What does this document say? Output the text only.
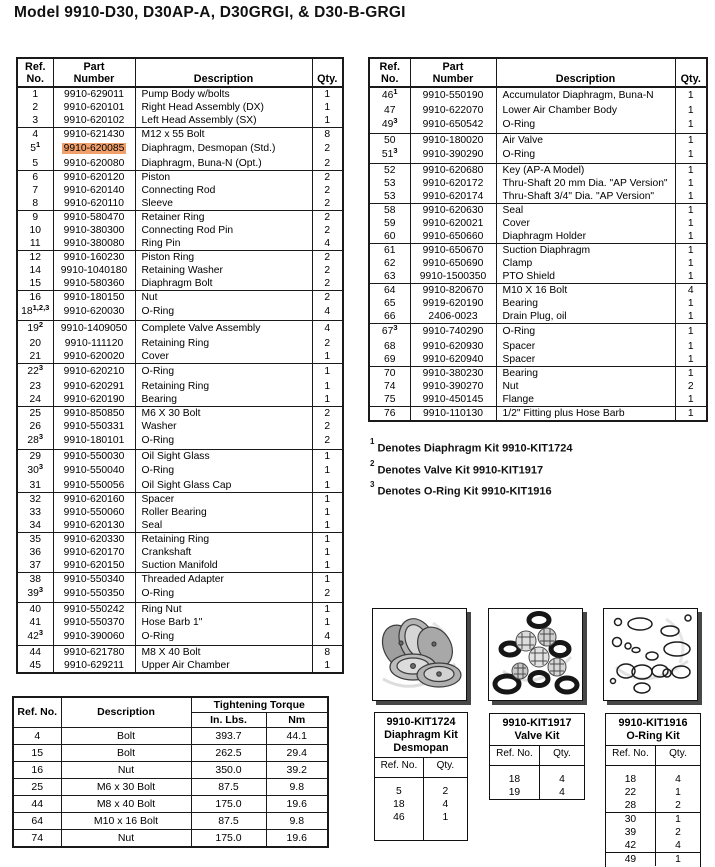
Model 9910-D30, D30AP-A, D30GRGI, & D30-B-GRGI
Ref.
No.	Part
Number	Description	Qty.
1	9910-629011	Pump Body w/bolts	1
2	9910-620101	Right Head Assembly (DX)	1
3	9910-620102	Left Head Assembly (SX)	1
4	9910-621430	M12 x 55 Bolt	8
$5^1$	9910-620085	Diaphragm, Desmopan (Std.)	2
5	9910-620080	Diaphragm, Buna-N (Opt.)	2
6	9910-620120	Piston	2
7	9910-620140	Connecting Rod	2
8	9910-620110	Sleeve	2
9	9910-580470	Retainer Ring	2
10	9910-380300	Connecting Rod Pin	2
11	9910-380080	Ring Pin	4
12	9910-160230	Piston Ring	2
14	9910-1040180	Retaining Washer	2
15	9910-580360	Diaphragm Bolt	2
16	9910-180150	Nut	2
18$^{1,2,3}$	9910-620030	O-Ring	4
$19^2$	9910-1409050	Complete Valve Assembly	4
20	9910-111120	Retaining Ring	2
21	9910-620020	Cover	1
$22^3$	9910-620210	O-Ring	1
23	9910-620291	Retaining Ring	1
24	9910-620190	Bearing	1
25	9910-850850	M6 X 30 Bolt	2
26	9910-550331	Washer	2
$28^3$	9910-180101	O-Ring	2
29	9910-550030	Oil Sight Glass	1
$30^3$	9910-550040	O-Ring	1
31	9910-550056	Oil Sight Glass Cap	1
32	9910-620160	Spacer	1
33	9910-550060	Roller Bearing	1
34	9910-620130	Seal	1
35	9910-620330	Retaining Ring	1
36	9910-620170	Crankshaft	1
37	9910-620150	Suction Manifold	1
38	9910-550340	Threaded Adapter	1
$39^3$	9910-550350	O-Ring	2
40	9910-550242	Ring Nut	1
41	9910-550370	Hose Barb 1"	1
$42^3$	9910-390060	O-Ring	4
44	9910-621780	M8 X 40 Bolt	8
45	9910-629211	Upper Air Chamber	1
Ref.
No.	Part
Number	Description	Qty.
$46^1$	9910-550190	Accumulator Diaphragm, Buna-N	1
47	9910-622070	Lower Air Chamber Body	1
$49^3$	9910-650542	O-Ring	1
50	9910-180020	Air Valve	1
$51^3$	9910-390290	O-Ring	1
52	9910-620680	Key (AP-A Model)	1
53	9910-620172	Thru-Shaft 20 mm Dia. "AP Version"	1
53	9910-620174	Thru-Shaft 3/4" Dia. "AP Version"	1
58	9910-620630	Seal	1
59	9910-620021	Cover	1
60	9910-650660	Diaphragm Holder	1
61	9910-650670	Suction Diaphragm	1
62	9910-650690	Clamp	1
63	9910-1500350	PTO Shield	1
64	9910-820670	M10 X 16 Bolt	4
65	9919-620190	Bearing	1
66	2406-0023	Drain Plug, oil	1
$67^3$	9910-740290	O-Ring	1
68	9910-620930	Spacer	1
69	9910-620940	Spacer	1
70	9910-380230	Bearing	1
74	9910-390270	Nut	2
75	9910-450145	Flange	1
76	9910-110130	1/2" Fitting plus Hose Barb	1
$^1$Denotes Diaphragm Kit 9910-KIT1724
$^2$Denotes Valve Kit 9910-KIT1917
$^3$Denotes O-Ring Kit 9910-KIT1916
Ref. No.	Description	Tightening Torque	
		In. Lbs.	Nm
4	Bolt	393.7	44.1
15	Bolt	262.5	29.4
16	Nut	350.0	39.2
25	M6 x 30 Bolt	87.5	9.8
44	M8 x 40 Bolt	175.0	19.6
64	M10 x 16 Bolt	87.5	9.8
74	Nut	175.0	19.6
9910-KIT1724
Diaphragm Kit
Desmopan
Ref. No.	Qty.
5	2
18	4
46	1
9910-KIT1917
Valve Kit
Ref. No.	Qty.
18	4
19	4
9910-KIT1916
O-Ring Kit
Ref. No.	Qty.
18	4
22	1
28	2
30	1
39	2
42	4
49	1
